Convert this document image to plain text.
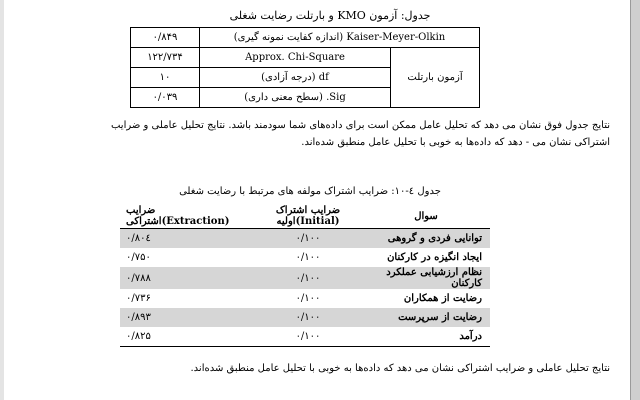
جدول: آزمون KMO و بارتلت رضایت شغلی
۰/۸۴۹	Kaiser-Meyer-Olkin (اندازه کفایت نمونه گیری)	
۱۲۲/۷۳۴	Approx. Chi-Square	آزمون بارتلت
۱۰	df (درجه آزادی)	
۰/۰۳۹	Sig. (سطح معنی داری)	
نتایج جدول فوق نشان می دهد که تحلیل عامل ممکن است برای داده‌های شما سودمند باشد. نتایج تحلیل عاملی و ضرایب اشتراکی نشان می - دهد که داده‌ها به خوبی با تحلیل عامل منطبق شده‌اند.
جدول ٤-١٠: ضرایب اشتراک مولفه های مرتبط با رضایت شغلی
ضرایب اشتراکی(Extraction)	ضرایب اشتراک اولیه(Initial)	سوال
۰/۸۰٤	۰/۱۰۰	توانایی فردی و گروهی
۰/۷۵۰	۰/۱۰۰	ایجاد انگیزه در کارکنان
۰/۷۸۸	۰/۱۰۰	نظام ارزشیابی عملکرد کارکنان
۰/۷۳۶	۰/۱۰۰	رضایت از همکاران
۰/۸۹۳	۰/۱۰۰	رضایت از سرپرست
۰/۸۲۵	۰/۱۰۰	درآمد
نتایج تحلیل عاملی و ضرایب اشتراکی نشان می دهد که داده‌ها به خوبی با تحلیل عامل منطبق شده‌اند.
